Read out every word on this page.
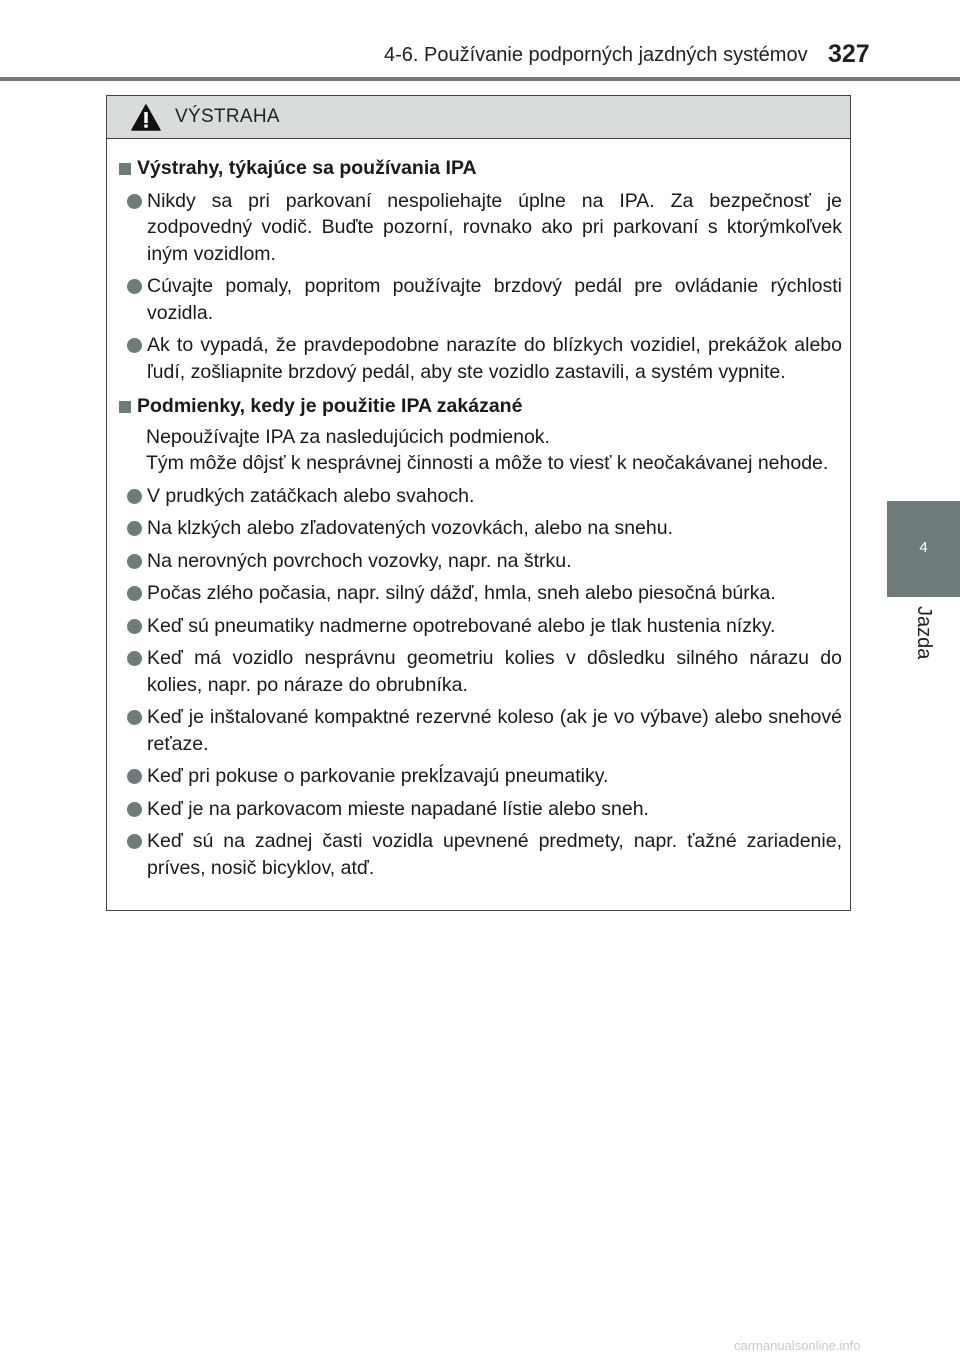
4-6. Používanie podporných jazdných systémov 327
4
Jazda
VÝSTRAHA
Výstrahy, týkajúce sa používania IPA
Nikdy sa pri parkovaní nespoliehajte úplne na IPA. Za bezpečnosť je zodpovedný vodič. Buďte pozorní, rovnako ako pri parkovaní s ktorýmkoľvek iným vozidlom.
Cúvajte pomaly, popritom používajte brzdový pedál pre ovládanie rýchlosti vozidla.
Ak to vypadá, že pravdepodobne narazíte do blízkych vozidiel, prekážok alebo ľudí, zošliapnite brzdový pedál, aby ste vozidlo zastavili, a systém vypnite.
Podmienky, kedy je použitie IPA zakázané
Nepoužívajte IPA za nasledujúcich podmienok.
Tým môže dôjsť k nesprávnej činnosti a môže to viesť k neočakávanej nehode.
V prudkých zatáčkach alebo svahoch.
Na klzkých alebo zľadovatených vozovkách, alebo na snehu.
Na nerovných povrchoch vozovky, napr. na štrku.
Počas zlého počasia, napr. silný dážď, hmla, sneh alebo piesočná búrka.
Keď sú pneumatiky nadmerne opotrebované alebo je tlak hustenia nízky.
Keď má vozidlo nesprávnu geometriu kolies v dôsledku silného nárazu do kolies, napr. po náraze do obrubníka.
Keď je inštalované kompaktné rezervné koleso (ak je vo výbave) alebo snehové reťaze.
Keď pri pokuse o parkovanie prekĺzavajú pneumatiky.
Keď je na parkovacom mieste napadané lístie alebo sneh.
Keď sú na zadnej časti vozidla upevnené predmety, napr. ťažné zariadenie, príves, nosič bicyklov, atď.
carmanualsonline.info
